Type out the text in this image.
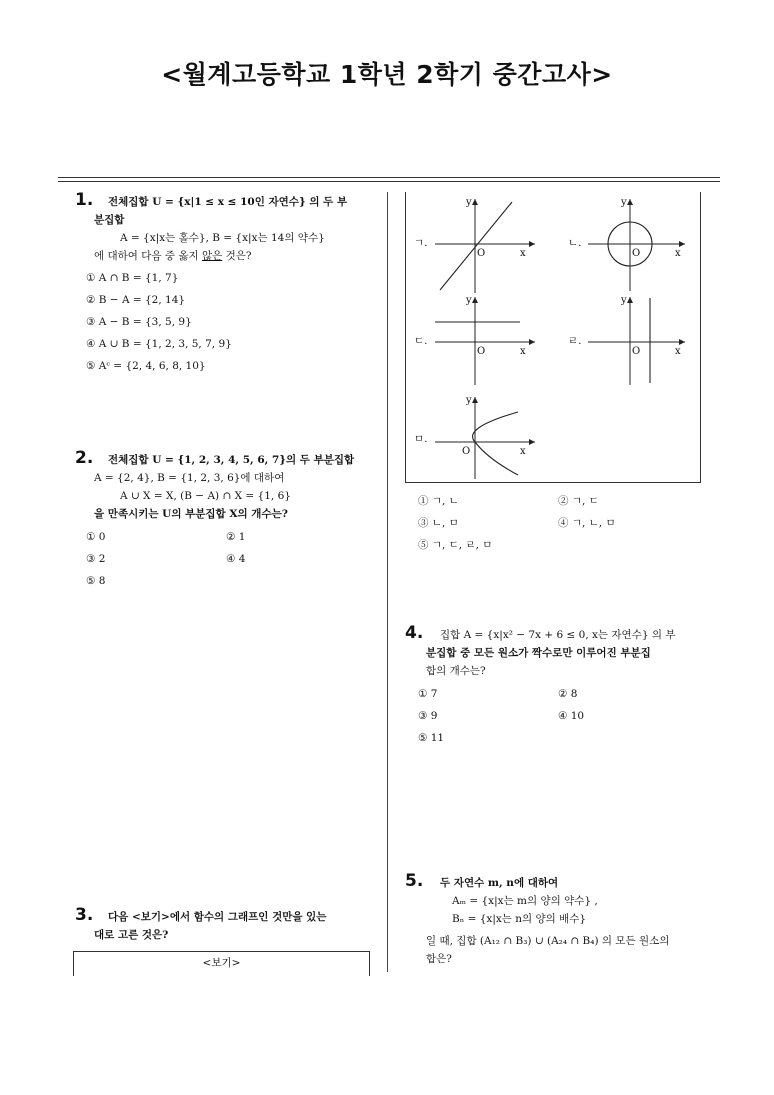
<월계고등학교 1학년 2학기 중간고사>
1. 전체집합 U = {x|1 ≤ x ≤ 10인 자연수} 의 두 부
분집합
A = {x|x는 홀수}, B = {x|x는 14의 약수}
에 대하여 다음 중 옳지 않은 것은?
① A ∩ B = {1, 7}
② B − A = {2, 14}
③ A − B = {3, 5, 9}
④ A ∪ B = {1, 2, 3, 5, 7, 9}
⑤ Aᶜ = {2, 4, 6, 8, 10}
2. 전체집합 U = {1, 2, 3, 4, 5, 6, 7}의 두 부분집합
A = {2, 4}, B = {1, 2, 3, 6}에 대하여
A ∪ X = X, (B − A) ∩ X = {1, 6}
을 만족시키는 U의 부분집합 X의 개수는?
① 0	② 1
③ 2	④ 4
⑤ 8
3. 다음 <보기>에서 함수의 그래프인 것만을 있는
대로 고른 것은?
<보기>
ㄱ.
O	x
y
ㄴ.
O	x
y
ㄷ.
O	x
y
ㄹ.
O	x
y
ㅁ.
O	x
y
① ㄱ, ㄴ	② ㄱ, ㄷ
③ ㄴ, ㅁ	④ ㄱ, ㄴ, ㅁ
⑤ ㄱ, ㄷ, ㄹ, ㅁ
4. 집합 A = {x|x² − 7x + 6 ≤ 0, x는 자연수} 의 부
분집합 중 모든 원소가 짝수로만 이루어진 부분집
합의 개수는?
① 7	② 8
③ 9	④ 10
⑤ 11
5. 두 자연수 m, n에 대하여
Aₘ = {x|x는 m의 양의 약수} ,
Bₙ = {x|x는 n의 양의 배수}
일 때, 집합 (A₁₂ ∩ B₃) ∪ (A₂₄ ∩ B₄) 의 모든 원소의
합은?
